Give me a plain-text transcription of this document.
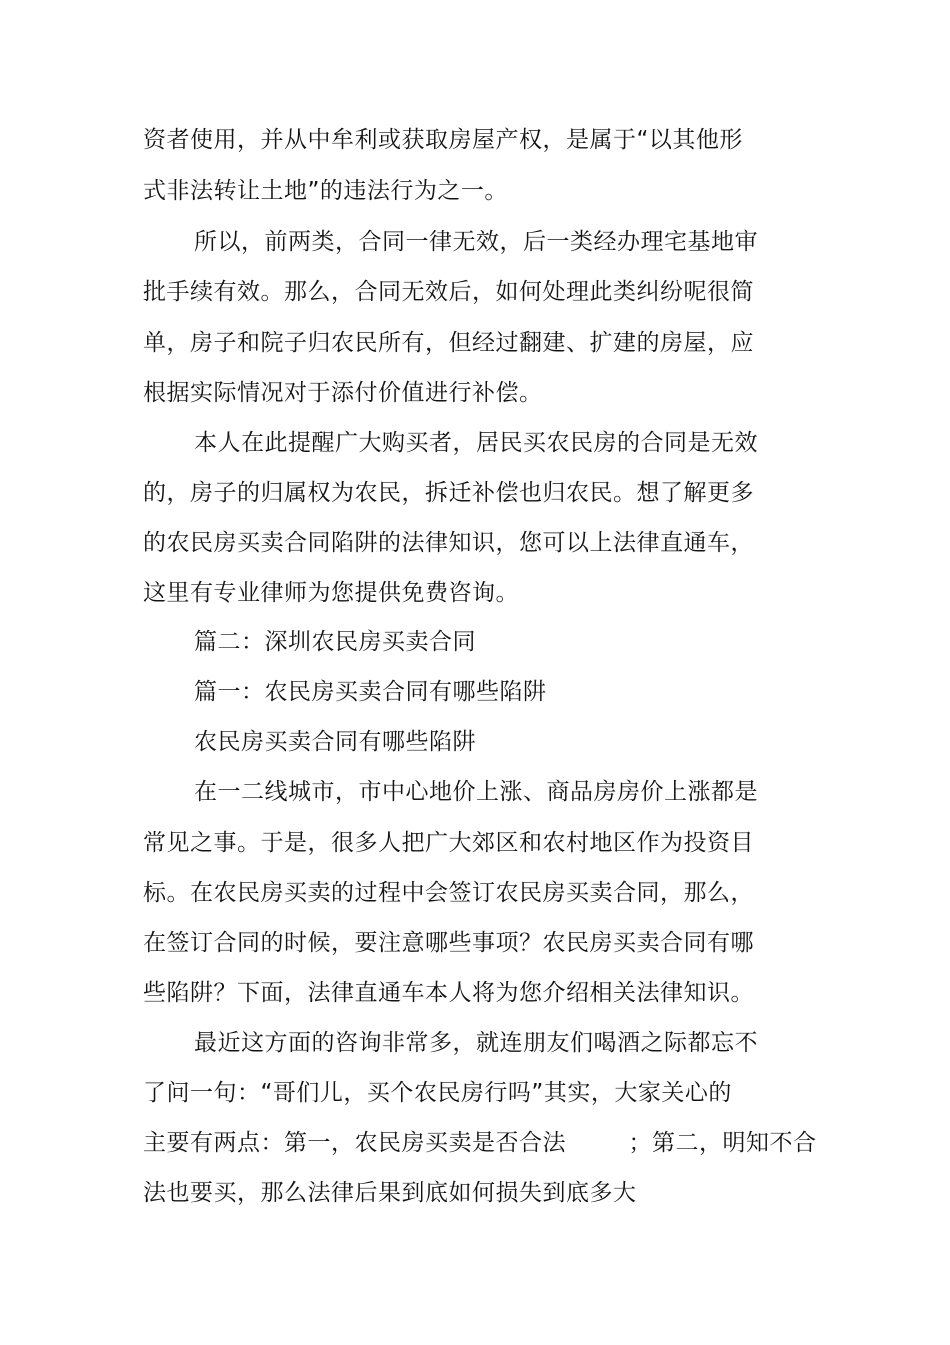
资者使用，并从中牟利或获取房屋产权，是属于“以其他形
式非法转让土地”的违法行为之一。
所以，前两类，合同一律无效，后一类经办理宅基地审
批手续有效。那么，合同无效后，如何处理此类纠纷呢很简
单，房子和院子归农民所有，但经过翻建、扩建的房屋，应
根据实际情况对于添付价值进行补偿。
本人在此提醒广大购买者，居民买农民房的合同是无效
的，房子的归属权为农民，拆迁补偿也归农民。想了解更多
的农民房买卖合同陷阱的法律知识，您可以上法律直通车，
这里有专业律师为您提供免费咨询。
篇二：深圳农民房买卖合同
篇一：农民房买卖合同有哪些陷阱
农民房买卖合同有哪些陷阱
在一二线城市，市中心地价上涨、商品房房价上涨都是
常见之事。于是，很多人把广大郊区和农村地区作为投资目
标。在农民房买卖的过程中会签订农民房买卖合同，那么，
在签订合同的时候，要注意哪些事项？农民房买卖合同有哪
些陷阱？下面，法律直通车本人将为您介绍相关法律知识。
最近这方面的咨询非常多，就连朋友们喝酒之际都忘不
了问一句：“哥们儿，买个农民房行吗”其实，大家关心的
主要有两点：第一，农民房买卖是否合法        ；第二，明知不合
法也要买，那么法律后果到底如何损失到底多大
